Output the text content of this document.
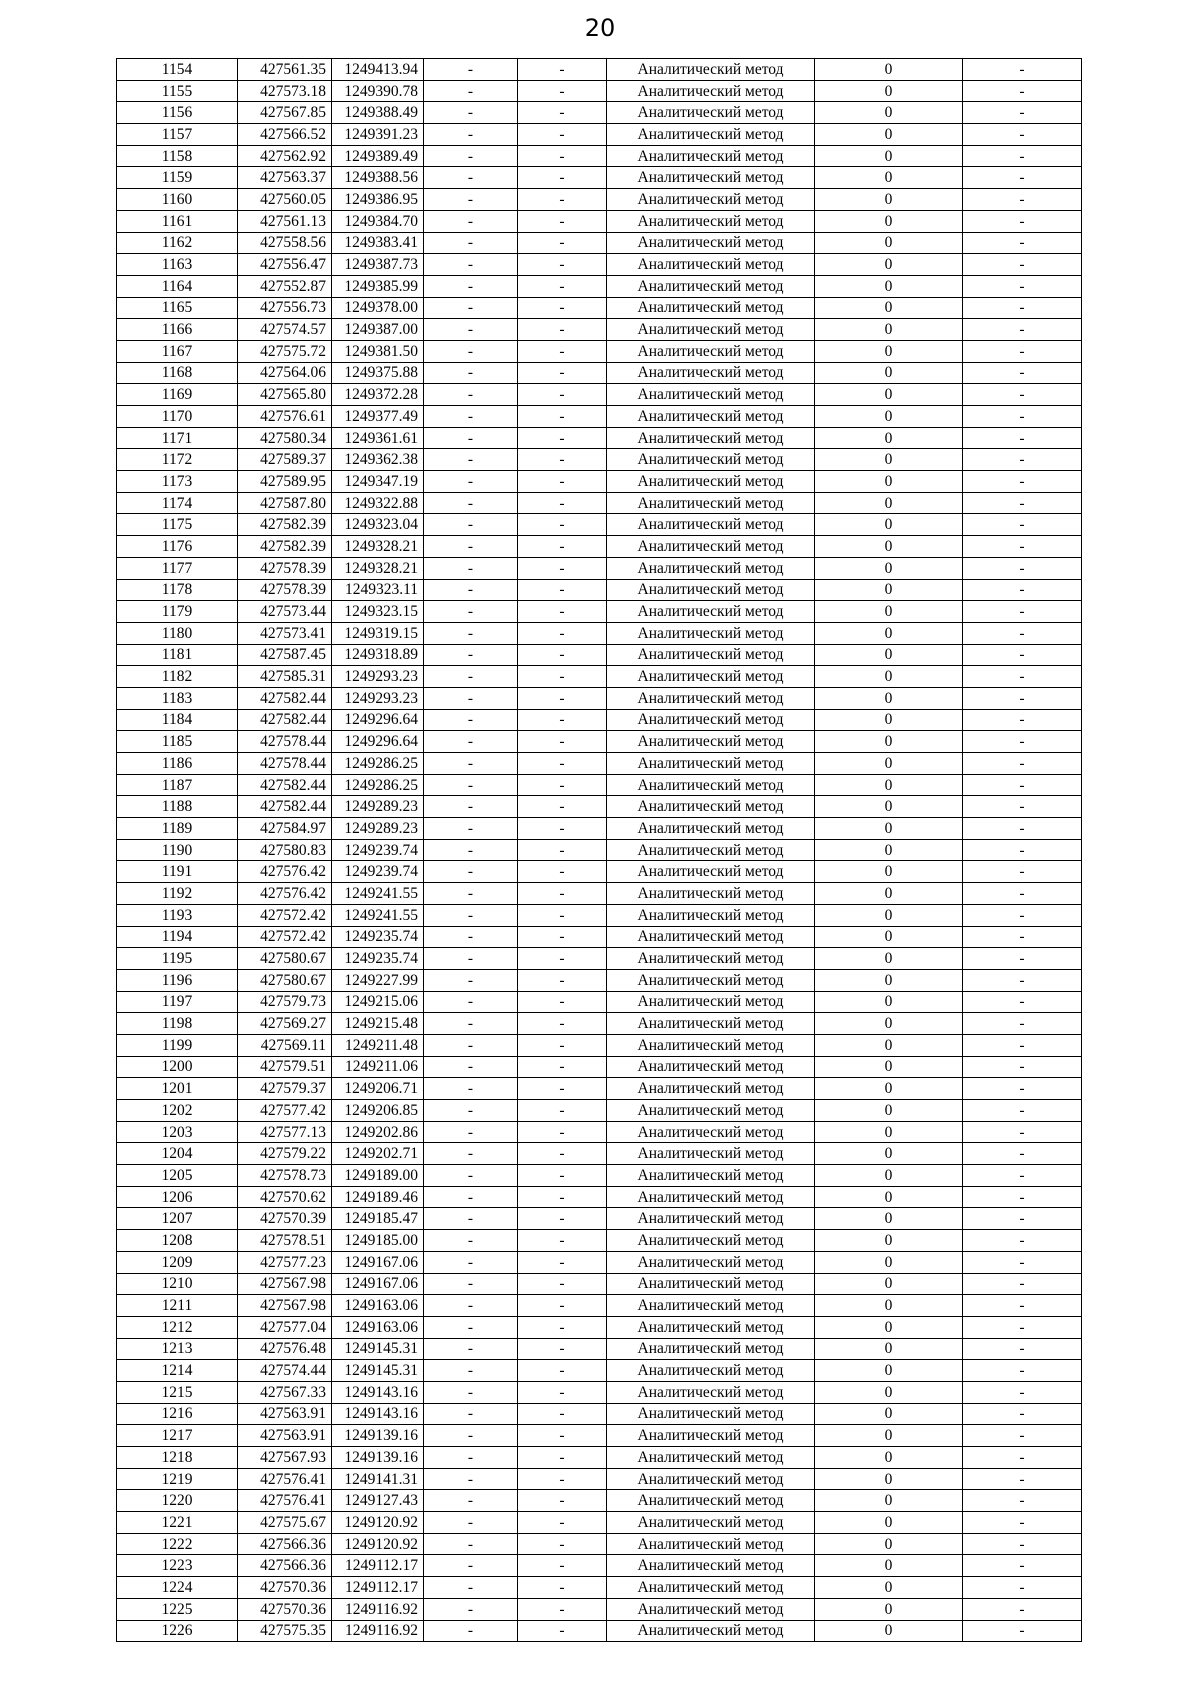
20
1154	427561.35	1249413.94	-	-	Аналитический метод	0	-
1155	427573.18	1249390.78	-	-	Аналитический метод	0	-
1156	427567.85	1249388.49	-	-	Аналитический метод	0	-
1157	427566.52	1249391.23	-	-	Аналитический метод	0	-
1158	427562.92	1249389.49	-	-	Аналитический метод	0	-
1159	427563.37	1249388.56	-	-	Аналитический метод	0	-
1160	427560.05	1249386.95	-	-	Аналитический метод	0	-
1161	427561.13	1249384.70	-	-	Аналитический метод	0	-
1162	427558.56	1249383.41	-	-	Аналитический метод	0	-
1163	427556.47	1249387.73	-	-	Аналитический метод	0	-
1164	427552.87	1249385.99	-	-	Аналитический метод	0	-
1165	427556.73	1249378.00	-	-	Аналитический метод	0	-
1166	427574.57	1249387.00	-	-	Аналитический метод	0	-
1167	427575.72	1249381.50	-	-	Аналитический метод	0	-
1168	427564.06	1249375.88	-	-	Аналитический метод	0	-
1169	427565.80	1249372.28	-	-	Аналитический метод	0	-
1170	427576.61	1249377.49	-	-	Аналитический метод	0	-
1171	427580.34	1249361.61	-	-	Аналитический метод	0	-
1172	427589.37	1249362.38	-	-	Аналитический метод	0	-
1173	427589.95	1249347.19	-	-	Аналитический метод	0	-
1174	427587.80	1249322.88	-	-	Аналитический метод	0	-
1175	427582.39	1249323.04	-	-	Аналитический метод	0	-
1176	427582.39	1249328.21	-	-	Аналитический метод	0	-
1177	427578.39	1249328.21	-	-	Аналитический метод	0	-
1178	427578.39	1249323.11	-	-	Аналитический метод	0	-
1179	427573.44	1249323.15	-	-	Аналитический метод	0	-
1180	427573.41	1249319.15	-	-	Аналитический метод	0	-
1181	427587.45	1249318.89	-	-	Аналитический метод	0	-
1182	427585.31	1249293.23	-	-	Аналитический метод	0	-
1183	427582.44	1249293.23	-	-	Аналитический метод	0	-
1184	427582.44	1249296.64	-	-	Аналитический метод	0	-
1185	427578.44	1249296.64	-	-	Аналитический метод	0	-
1186	427578.44	1249286.25	-	-	Аналитический метод	0	-
1187	427582.44	1249286.25	-	-	Аналитический метод	0	-
1188	427582.44	1249289.23	-	-	Аналитический метод	0	-
1189	427584.97	1249289.23	-	-	Аналитический метод	0	-
1190	427580.83	1249239.74	-	-	Аналитический метод	0	-
1191	427576.42	1249239.74	-	-	Аналитический метод	0	-
1192	427576.42	1249241.55	-	-	Аналитический метод	0	-
1193	427572.42	1249241.55	-	-	Аналитический метод	0	-
1194	427572.42	1249235.74	-	-	Аналитический метод	0	-
1195	427580.67	1249235.74	-	-	Аналитический метод	0	-
1196	427580.67	1249227.99	-	-	Аналитический метод	0	-
1197	427579.73	1249215.06	-	-	Аналитический метод	0	-
1198	427569.27	1249215.48	-	-	Аналитический метод	0	-
1199	427569.11	1249211.48	-	-	Аналитический метод	0	-
1200	427579.51	1249211.06	-	-	Аналитический метод	0	-
1201	427579.37	1249206.71	-	-	Аналитический метод	0	-
1202	427577.42	1249206.85	-	-	Аналитический метод	0	-
1203	427577.13	1249202.86	-	-	Аналитический метод	0	-
1204	427579.22	1249202.71	-	-	Аналитический метод	0	-
1205	427578.73	1249189.00	-	-	Аналитический метод	0	-
1206	427570.62	1249189.46	-	-	Аналитический метод	0	-
1207	427570.39	1249185.47	-	-	Аналитический метод	0	-
1208	427578.51	1249185.00	-	-	Аналитический метод	0	-
1209	427577.23	1249167.06	-	-	Аналитический метод	0	-
1210	427567.98	1249167.06	-	-	Аналитический метод	0	-
1211	427567.98	1249163.06	-	-	Аналитический метод	0	-
1212	427577.04	1249163.06	-	-	Аналитический метод	0	-
1213	427576.48	1249145.31	-	-	Аналитический метод	0	-
1214	427574.44	1249145.31	-	-	Аналитический метод	0	-
1215	427567.33	1249143.16	-	-	Аналитический метод	0	-
1216	427563.91	1249143.16	-	-	Аналитический метод	0	-
1217	427563.91	1249139.16	-	-	Аналитический метод	0	-
1218	427567.93	1249139.16	-	-	Аналитический метод	0	-
1219	427576.41	1249141.31	-	-	Аналитический метод	0	-
1220	427576.41	1249127.43	-	-	Аналитический метод	0	-
1221	427575.67	1249120.92	-	-	Аналитический метод	0	-
1222	427566.36	1249120.92	-	-	Аналитический метод	0	-
1223	427566.36	1249112.17	-	-	Аналитический метод	0	-
1224	427570.36	1249112.17	-	-	Аналитический метод	0	-
1225	427570.36	1249116.92	-	-	Аналитический метод	0	-
1226	427575.35	1249116.92	-	-	Аналитический метод	0	-
